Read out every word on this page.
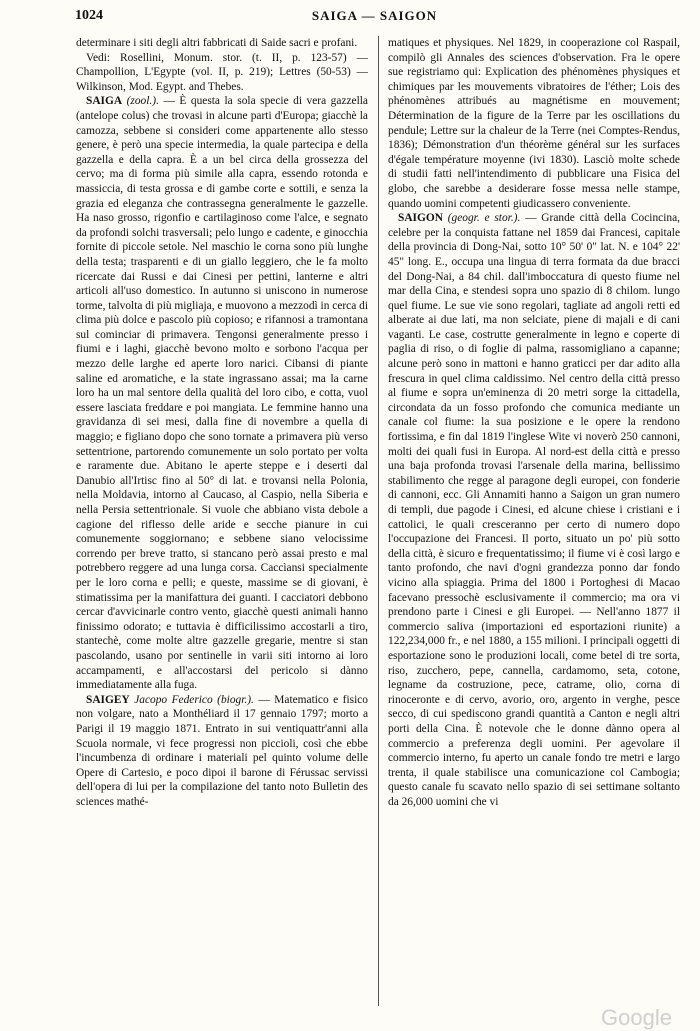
1024	SAIGA — SAIGON

determinare i siti degli altri fabbricati di Saide sacri e profani.

Vedi: Rosellini, Monum. stor. (t. II, p. 123-57) — Champollion, L'Egypte (vol. II, p. 219); Lettres (50-53) — Wilkinson, Mod. Egypt. and Thebes.

SAIGA (zool.). — È questa la sola specie di vera gazzella (antelope colus) che trovasi in alcune parti d'Europa; giacchè la camozza, sebbene si consideri come appartenente allo stesso genere, è però una specie intermedia, la quale partecipa e della gazzella e della capra. È a un bel circa della grossezza del cervo; ma di forma più simile alla capra, essendo rotonda e massiccia, di testa grossa e di gambe corte e sottili, e senza la grazia ed eleganza che contrassegna generalmente le gazzelle. Ha naso grosso, rigonfio e cartilaginoso come l'alce, e segnato da profondi solchi trasversali; pelo lungo e cadente, e ginocchia fornite di piccole setole. Nel maschio le corna sono più lunghe della testa; trasparenti e di un giallo leggiero, che le fa molto ricercate dai Russi e dai Cinesi per pettini, lanterne e altri articoli all'uso domestico. In autunno si uniscono in numerose torme, talvolta di più migliaja, e muovono a mezzodì in cerca di clima più dolce e pascolo più copioso; e rifannosi a tramontana sul cominciar di primavera. Tengonsi generalmente presso i fiumi e i laghi, giacchè bevono molto e sorbono l'acqua per mezzo delle larghe ed aperte loro narici. Cibansi di piante saline ed aromatiche, e la state ingrassano assai; ma la carne loro ha un mal sentore della qualità del loro cibo, e cotta, vuol essere lasciata freddare e poi mangiata. Le femmine hanno una gravidanza di sei mesi, dalla fine di novembre a quella di maggio; e figliano dopo che sono tornate a primavera più verso settentrione, partorendo comunemente un solo portato per volta e raramente due. Abitano le aperte steppe e i deserti dal Danubio all'Irtisc fino al 50° di lat. e trovansi nella Polonia, nella Moldavia, intorno al Caucaso, al Caspio, nella Siberia e nella Persia settentrionale. Si vuole che abbiano vista debole a cagione del riflesso delle aride e secche pianure in cui comunemente soggiornano; e sebbene siano velocissime correndo per breve tratto, si stancano però assai presto e mal potrebbero reggere ad una lunga corsa. Caccìansi specialmente per le loro corna e pelli; e queste, massime se di giovani, è stimatissima per la manifattura dei guanti. I cacciatori debbono cercar d'avvicinarle contro vento, giacchè questi animali hanno finissimo odorato; e tuttavia è difficilissimo accostarli a tiro, stantechè, come molte altre gazzelle gregarie, mentre si stan pascolando, usano por sentinelle in varii siti intorno ai loro accampamenti, e all'accostarsi del pericolo si dànno immediatamente alla fuga.

SAIGEY Jacopo Federico (biogr.). — Matematico e fisico non volgare, nato a Monthéliard il 17 gennaio 1797; morto a Parigi il 19 maggio 1871. Entrato in sui ventiquattr'anni alla Scuola normale, vi fece progressi non piccioli, così che ebbe l'incumbenza di ordinare i materiali pel quinto volume delle Opere di Cartesio, e poco dipoi il barone di Férussac servissi dell'opera di lui per la compilazione del tanto noto Bulletin des sciences mathé-

matiques et physiques. Nel 1829, in cooperazione col Raspail, compilò gli Annales des sciences d'observation. Fra le opere sue registriamo qui: Explication des phénomènes physiques et chimiques par les mouvements vibratoires de l'éther; Lois des phénomènes attribués au magnétisme en mouvement; Détermination de la figure de la Terre par les oscillations du pendule; Lettre sur la chaleur de la Terre (nei Comptes-Rendus, 1836); Démonstration d'un théorème général sur les surfaces d'égale température moyenne (ivi 1830). Lasciò molte schede di studii fatti nell'intendimento di pubblicare una Fisica del globo, che sarebbe a desiderare fosse messa nelle stampe, quando uomini competenti giudicassero conveniente.

SAIGON (geogr. e stor.). — Grande città della Cocincina, celebre per la conquista fattane nel 1859 dai Francesi, capitale della provincia di Dong-Nai, sotto 10° 50' 0" lat. N. e 104° 22' 45" long. E., occupa una lingua di terra formata da due bracci del Dong-Nai, a 84 chil. dall'imboccatura di questo fiume nel mar della Cina, e stendesi sopra uno spazio di 8 chilom. lungo quel fiume. Le sue vie sono regolari, tagliate ad angoli retti ed alberate ai due lati, ma non selciate, piene di majali e di cani vaganti. Le case, costrutte generalmente in legno e coperte di paglia di riso, o di foglie di palma, rassomigliano a capanne; alcune però sono in mattoni e hanno graticci per dar adito alla frescura in quel clima caldissimo. Nel centro della città presso al fiume e sopra un'eminenza di 20 metri sorge la cittadella, circondata da un fosso profondo che comunica mediante un canale col fiume: la sua posizione e le opere la rendono fortissima, e fin dal 1819 l'inglese Wite vi noverò 250 cannoni, molti dei quali fusi in Europa. Al nord-est della città e presso una baja profonda trovasi l'arsenale della marina, bellissimo stabilimento che regge al paragone degli europei, con fonderie di cannoni, ecc. Gli Annamiti hanno a Saigon un gran numero di templi, due pagode i Cinesi, ed alcune chiese i cristiani e i cattolici, le quali cresceranno per certo di numero dopo l'occupazione dei Francesi. Il porto, situato un po' più sotto della città, è sicuro e frequentatissimo; il fiume vi è così largo e tanto profondo, che navi d'ogni grandezza ponno dar fondo vicino alla spiaggia. Prima del 1800 i Portoghesi di Macao facevano pressochè esclusivamente il commercio; ma ora vi prendono parte i Cinesi e gli Europei. — Nell'anno 1877 il commercio saliva (importazioni ed esportazioni riunite) a 122,234,000 fr., e nel 1880, a 155 milioni. I principali oggetti di esportazione sono le produzioni locali, come betel di tre sorta, riso, zucchero, pepe, cannella, cardamomo, seta, cotone, legname da costruzione, pece, catrame, olio, corna di rinoceronte e di cervo, avorio, oro, argento in verghe, pesce secco, di cui spediscono grandi quantità a Canton e negli altri porti della Cina. È notevole che le donne dànno opera al commercio a preferenza degli uomini. Per agevolare il commercio interno, fu aperto un canale fondo tre metri e largo trenta, il quale stabilisce una comunicazione col Cambogia; questo canale fu scavato nello spazio di sei settimane soltanto da 26,000 uomini che vi

Google
